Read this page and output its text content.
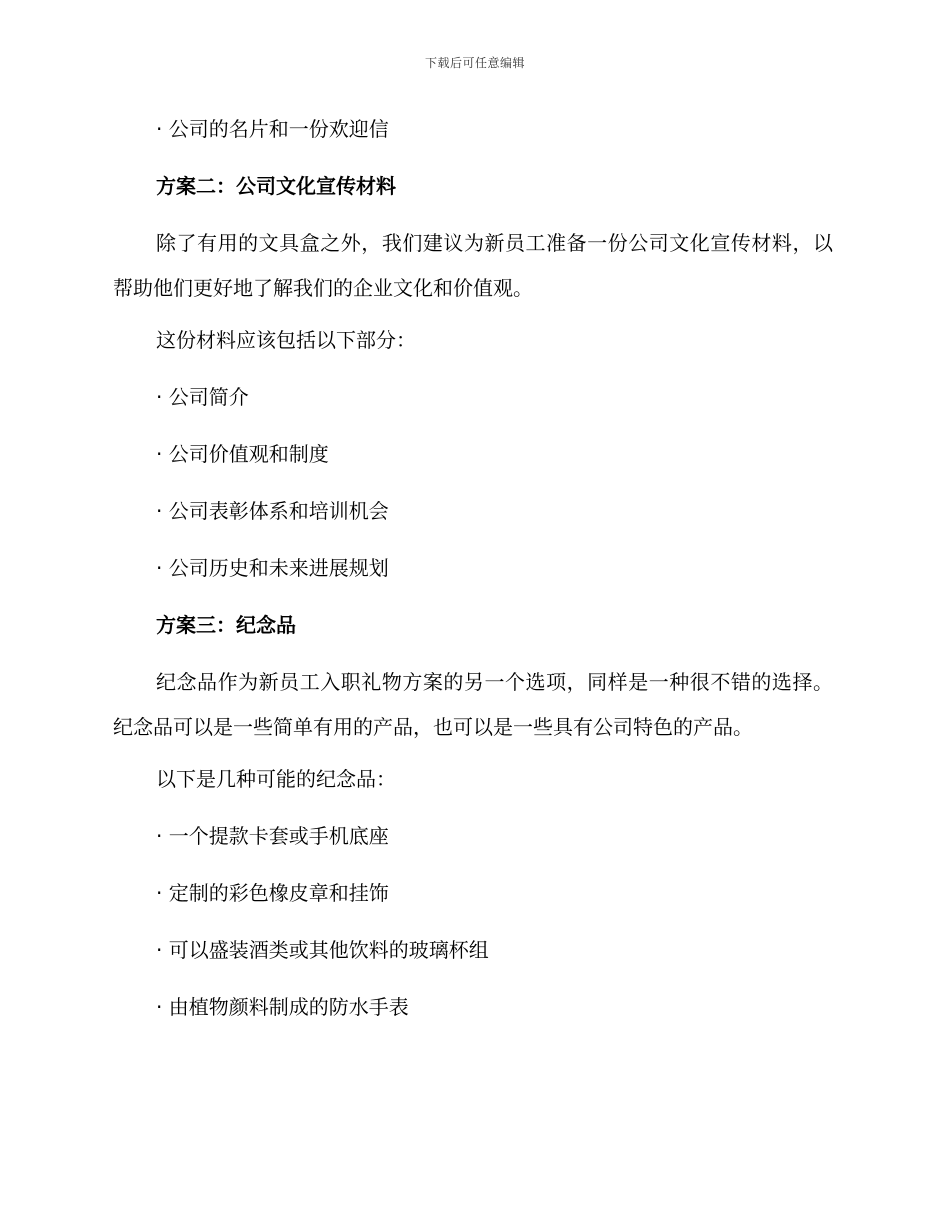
下载后可任意编辑
· 公司的名片和一份欢迎信
方案二：公司文化宣传材料
除了有用的文具盒之外，我们建议为新员工准备一份公司文化宣传材料，以帮助他们更好地了解我们的企业文化和价值观。
这份材料应该包括以下部分：
· 公司简介
· 公司价值观和制度
· 公司表彰体系和培训机会
· 公司历史和未来进展规划
方案三：纪念品
纪念品作为新员工入职礼物方案的另一个选项，同样是一种很不错的选择。纪念品可以是一些简单有用的产品，也可以是一些具有公司特色的产品。
以下是几种可能的纪念品：
· 一个提款卡套或手机底座
· 定制的彩色橡皮章和挂饰
· 可以盛装酒类或其他饮料的玻璃杯组
· 由植物颜料制成的防水手表
